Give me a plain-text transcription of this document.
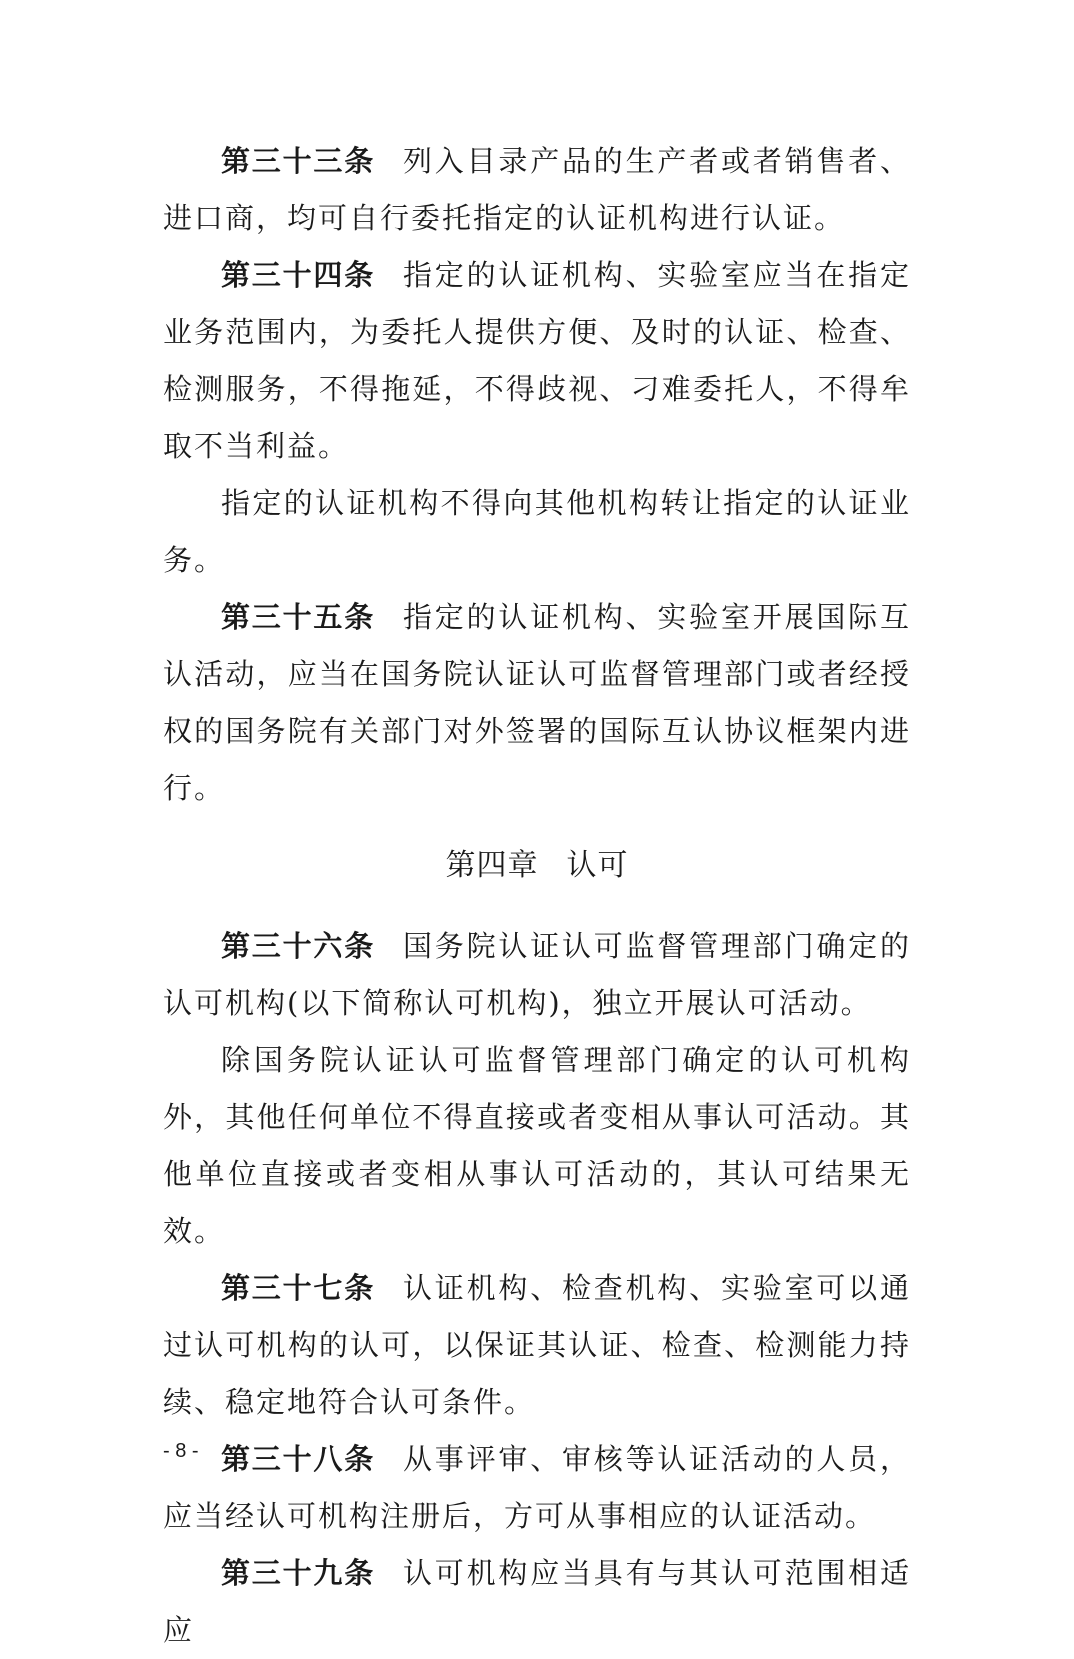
第三十三条 列入目录产品的生产者或者销售者、进口商，均可自行委托指定的认证机构进行认证。

第三十四条 指定的认证机构、实验室应当在指定业务范围内，为委托人提供方便、及时的认证、检查、检测服务，不得拖延，不得歧视、刁难委托人，不得牟取不当利益。

指定的认证机构不得向其他机构转让指定的认证业务。

第三十五条 指定的认证机构、实验室开展国际互认活动，应当在国务院认证认可监督管理部门或者经授权的国务院有关部门对外签署的国际互认协议框架内进行。

第四章 认可

第三十六条 国务院认证认可监督管理部门确定的认可机构(以下简称认可机构)，独立开展认可活动。

除国务院认证认可监督管理部门确定的认可机构外，其他任何单位不得直接或者变相从事认可活动。其他单位直接或者变相从事认可活动的，其认可结果无效。

第三十七条 认证机构、检查机构、实验室可以通过认可机构的认可，以保证其认证、检查、检测能力持续、稳定地符合认可条件。

第三十八条 从事评审、审核等认证活动的人员，应当经认可机构注册后，方可从事相应的认证活动。

第三十九条 认可机构应当具有与其认可范围相适应

- 8 -
